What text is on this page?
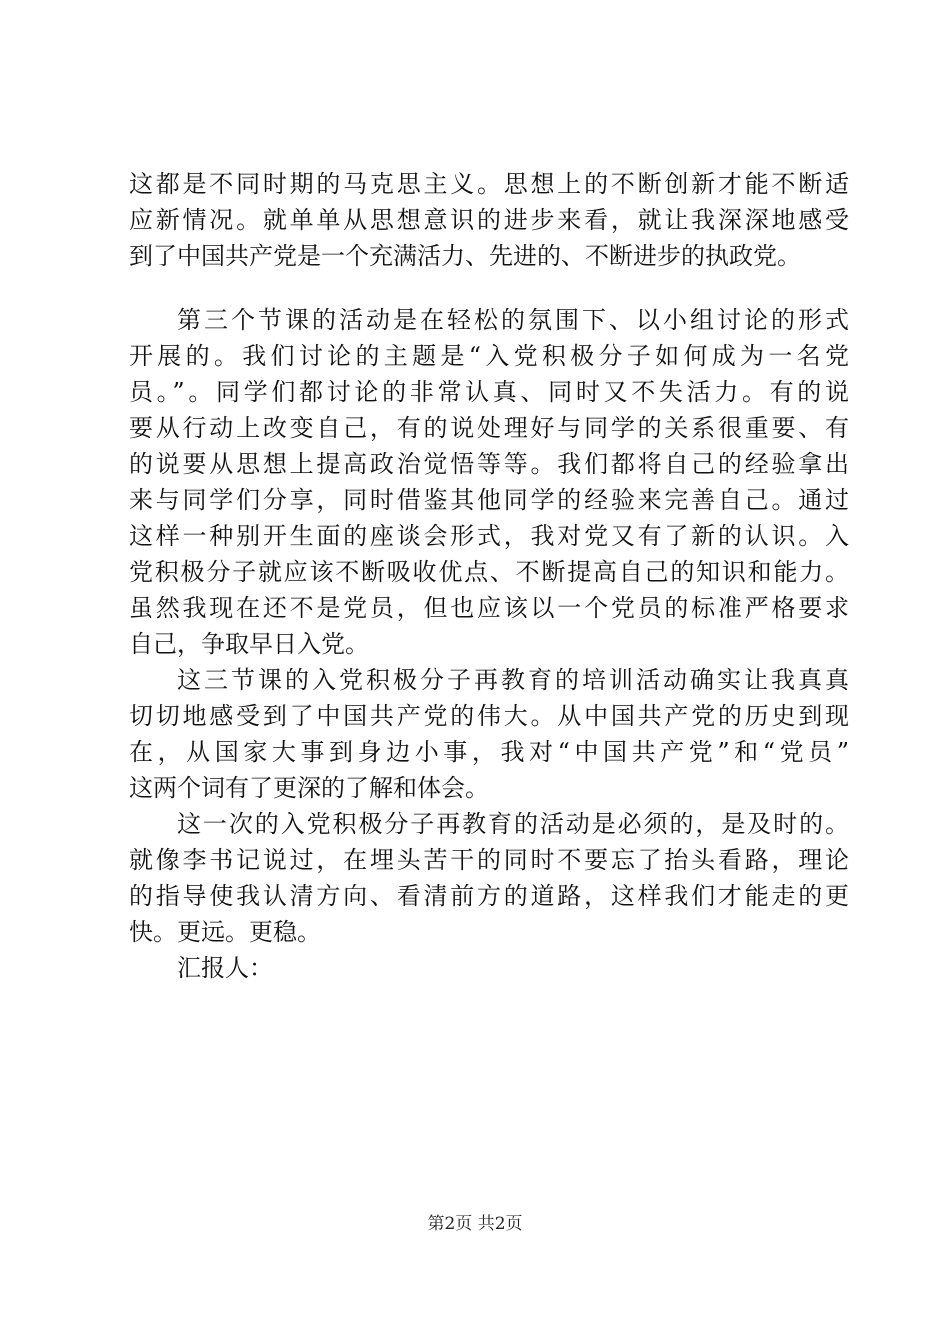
这都是不同时期的马克思主义。思想上的不断创新才能不断适
应新情况。就单单从思想意识的进步来看，就让我深深地感受
到了中国共产党是一个充满活力、先进的、不断进步的执政党。
第三个节课的活动是在轻松的氛围下、以小组讨论的形式
开展的。我们讨论的主题是“入党积极分子如何成为一名党
员。”。同学们都讨论的非常认真、同时又不失活力。有的说
要从行动上改变自己，有的说处理好与同学的关系很重要、有
的说要从思想上提高政治觉悟等等。我们都将自己的经验拿出
来与同学们分享，同时借鉴其他同学的经验来完善自己。通过
这样一种别开生面的座谈会形式，我对党又有了新的认识。入
党积极分子就应该不断吸收优点、不断提高自己的知识和能力。
虽然我现在还不是党员，但也应该以一个党员的标准严格要求
自己，争取早日入党。
这三节课的入党积极分子再教育的培训活动确实让我真真
切切地感受到了中国共产党的伟大。从中国共产党的历史到现
在，从国家大事到身边小事，我对“中国共产党”和“党员”
这两个词有了更深的了解和体会。
这一次的入党积极分子再教育的活动是必须的，是及时的。
就像李书记说过，在埋头苦干的同时不要忘了抬头看路，理论
的指导使我认清方向、看清前方的道路，这样我们才能走的更
快。更远。更稳。
汇报人：
第2页 共2页
